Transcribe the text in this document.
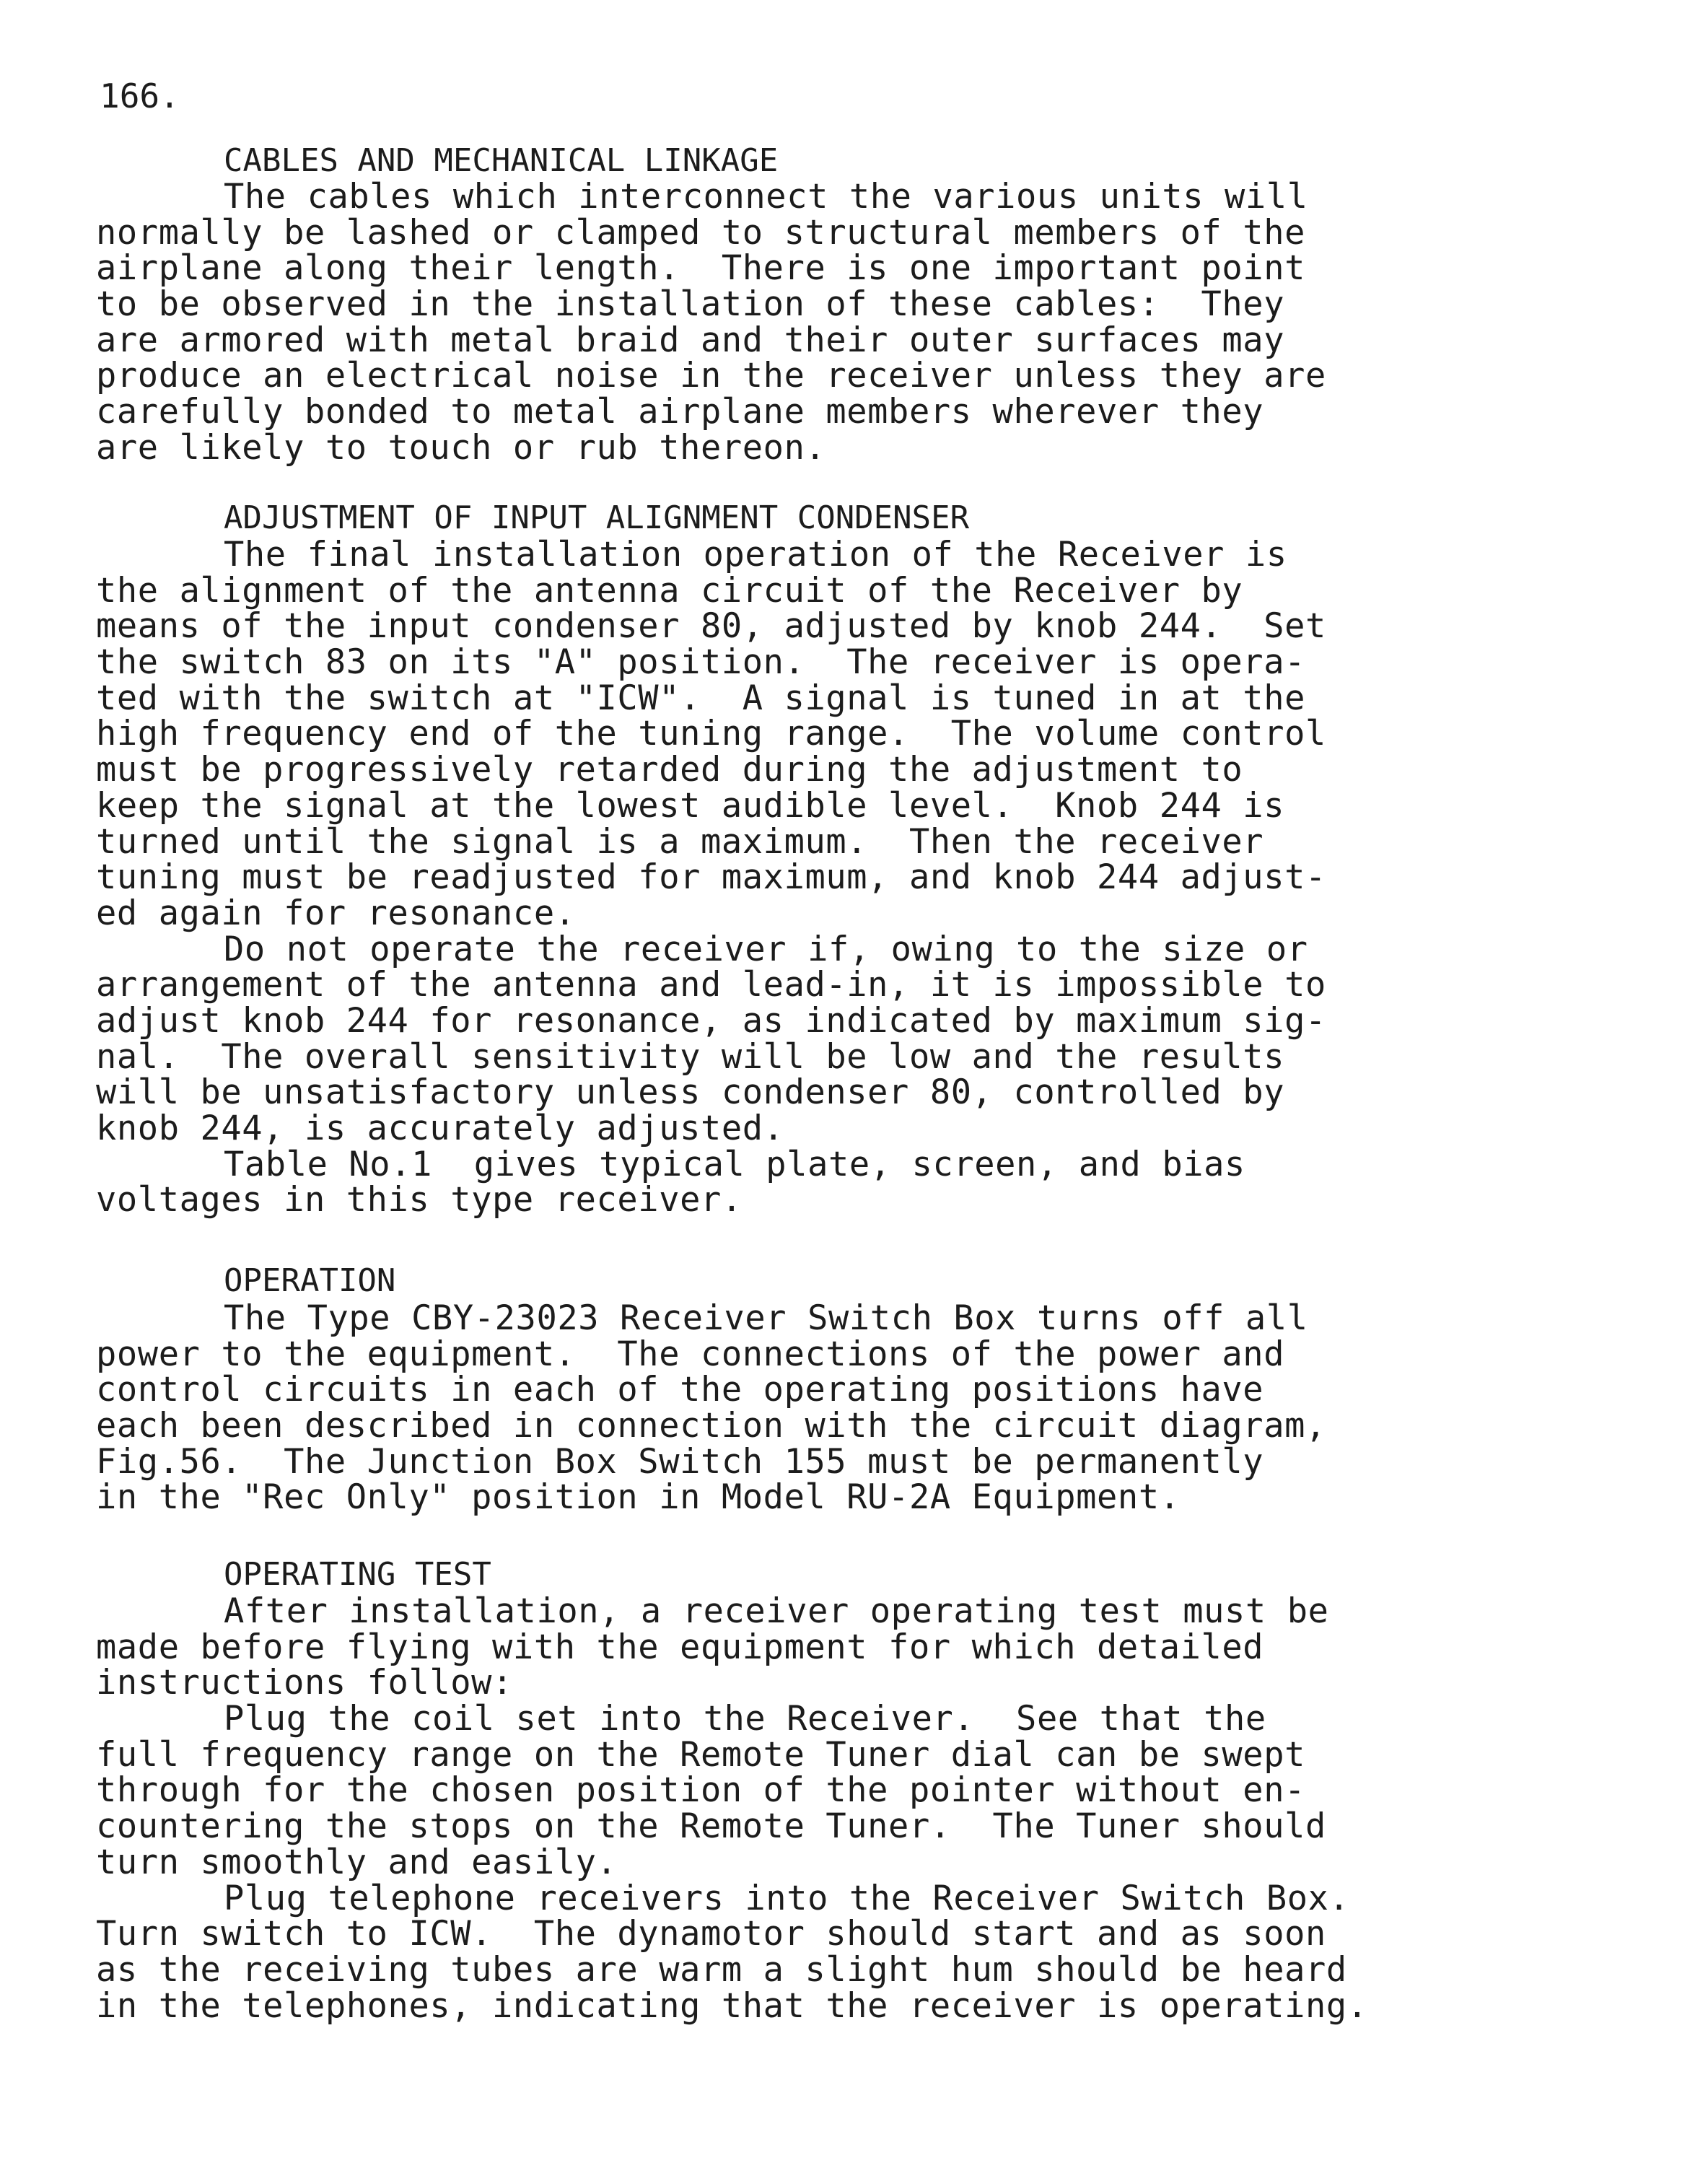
166.
CABLES AND MECHANICAL LINKAGE
The cables which interconnect the various units will
normally be lashed or clamped to structural members of the
airplane along their length.  There is one important point
to be observed in the installation of these cables:  They
are armored with metal braid and their outer surfaces may
produce an electrical noise in the receiver unless they are
carefully bonded to metal airplane members wherever they
are likely to touch or rub thereon.
ADJUSTMENT OF INPUT ALIGNMENT CONDENSER
The final installation operation of the Receiver is
the alignment of the antenna circuit of the Receiver by
means of the input condenser 80, adjusted by knob 244.  Set
the switch 83 on its "A" position.  The receiver is opera-
ted with the switch at "ICW".  A signal is tuned in at the
high frequency end of the tuning range.  The volume control
must be progressively retarded during the adjustment to
keep the signal at the lowest audible level.  Knob 244 is
turned until the signal is a maximum.  Then the receiver
tuning must be readjusted for maximum, and knob 244 adjust-
ed again for resonance.
Do not operate the receiver if, owing to the size or
arrangement of the antenna and lead-in, it is impossible to
adjust knob 244 for resonance, as indicated by maximum sig-
nal.  The overall sensitivity will be low and the results
will be unsatisfactory unless condenser 80, controlled by
knob 244, is accurately adjusted.
Table No.1  gives typical plate, screen, and bias
voltages in this type receiver.
OPERATION
The Type CBY-23023 Receiver Switch Box turns off all
power to the equipment.  The connections of the power and
control circuits in each of the operating positions have
each been described in connection with the circuit diagram,
Fig.56.  The Junction Box Switch 155 must be permanently
in the "Rec Only" position in Model RU-2A Equipment.
OPERATING TEST
After installation, a receiver operating test must be
made before flying with the equipment for which detailed
instructions follow:
Plug the coil set into the Receiver.  See that the
full frequency range on the Remote Tuner dial can be swept
through for the chosen position of the pointer without en-
countering the stops on the Remote Tuner.  The Tuner should
turn smoothly and easily.
Plug telephone receivers into the Receiver Switch Box.
Turn switch to ICW.  The dynamotor should start and as soon
as the receiving tubes are warm a slight hum should be heard
in the telephones, indicating that the receiver is operating.
